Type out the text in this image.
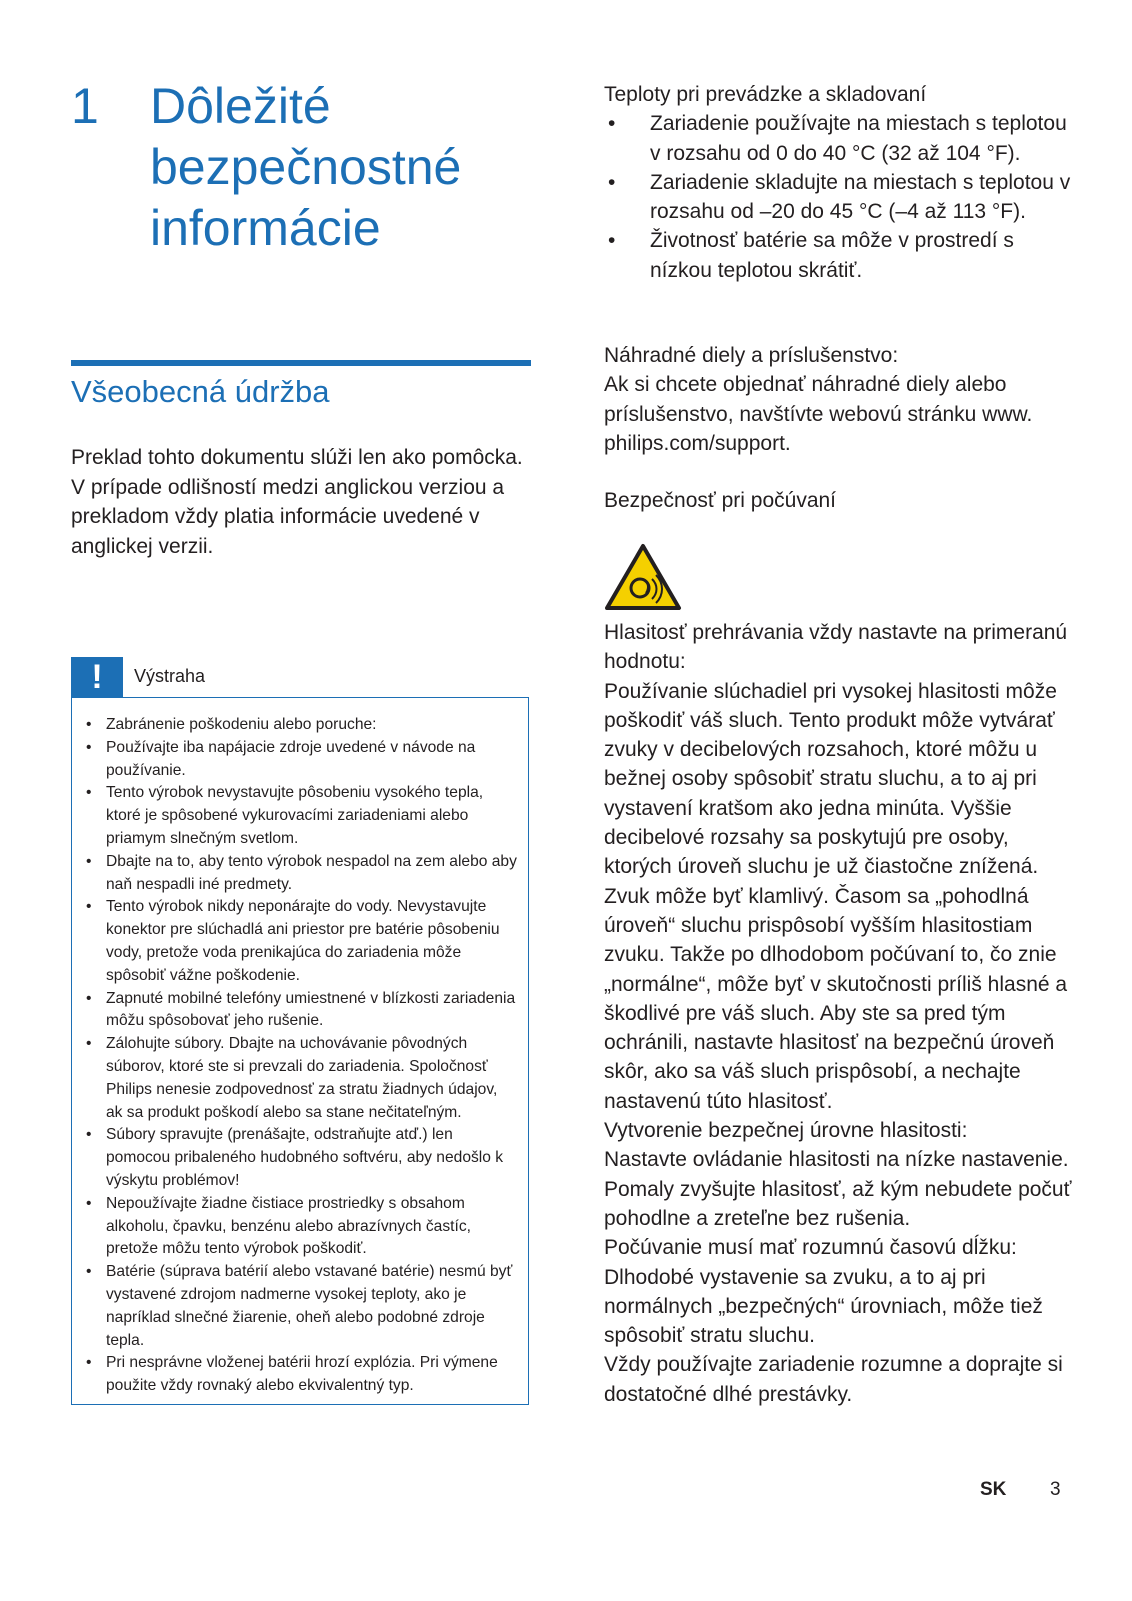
1 Dôležité bezpečnostné informácie
Všeobecná údržba

Preklad tohto dokumentu slúži len ako pomôcka.

V prípade odlišností medzi anglickou verziou a prekladom vždy platia informácie uvedené v anglickej verzii.

!	Výstraha
• Zabránenie poškodeniu alebo poruche:
• Používajte iba napájacie zdroje uvedené v návode na používanie.
• Tento výrobok nevystavujte pôsobeniu vysokého tepla, ktoré je spôsobené vykurovacími zariadeniami alebo priamym slnečným svetlom.
• Dbajte na to, aby tento výrobok nespadol na zem alebo aby naň nespadli iné predmety.
• Tento výrobok nikdy neponárajte do vody. Nevystavujte konektor pre slúchadlá ani priestor pre batérie pôsobeniu vody, pretože voda prenikajúca do zariadenia môže spôsobiť vážne poškodenie.
• Zapnuté mobilné telefóny umiestnené v blízkosti zariadenia môžu spôsobovať jeho rušenie.
• Zálohujte súbory. Dbajte na uchovávanie pôvodných súborov, ktoré ste si prevzali do zariadenia. Spoločnosť Philips nenesie zodpovednosť za stratu žiadnych údajov, ak sa produkt poškodí alebo sa stane nečitateľným.
• Súbory spravujte (prenášajte, odstraňujte atď.) len pomocou pribaleného hudobného softvéru, aby nedošlo k výskytu problémov!
• Nepoužívajte žiadne čistiace prostriedky s obsahom alkoholu, čpavku, benzénu alebo abrazívnych častíc, pretože môžu tento výrobok poškodiť.
• Batérie (súprava batérií alebo vstavané batérie) nesmú byť vystavené zdrojom nadmerne vysokej teploty, ako je napríklad slnečné žiarenie, oheň alebo podobné zdroje tepla.
• Pri nesprávne vloženej batérii hrozí explózia. Pri výmene použite vždy rovnaký alebo ekvivalentný typ.

Teploty pri prevádzke a skladovaní

• Zariadenie používajte na miestach s teplotou v rozsahu od 0 do 40 °C (32 až 104 °F).
• Zariadenie skladujte na miestach s teplotou v rozsahu od –20 do 45 °C (–4 až 113 °F).
• Životnosť batérie sa môže v prostredí s nízkou teplotou skrátiť.

Náhradné diely a príslušenstvo:

Ak si chcete objednať náhradné diely alebo príslušenstvo, navštívte webovú stránku www. philips.com/support.

Bezpečnosť pri počúvaní

Hlasitosť prehrávania vždy nastavte na primeranú hodnotu:

Používanie slúchadiel pri vysokej hlasitosti môže poškodiť váš sluch. Tento produkt môže vytvárať zvuky v decibelových rozsahoch, ktoré môžu u bežnej osoby spôsobiť stratu sluchu, a to aj pri vystavení kratšom ako jedna minúta. Vyššie decibelové rozsahy sa poskytujú pre osoby, ktorých úroveň sluchu je už čiastočne znížená.

Zvuk môže byť klamlivý. Časom sa „pohodlná úroveň“ sluchu prispôsobí vyšším hlasitostiam zvuku. Takže po dlhodobom počúvaní to, čo znie „normálne“, môže byť v skutočnosti príliš hlasné a škodlivé pre váš sluch. Aby ste sa pred tým ochránili, nastavte hlasitosť na bezpečnú úroveň skôr, ako sa váš sluch prispôsobí, a nechajte nastavenú túto hlasitosť.

Vytvorenie bezpečnej úrovne hlasitosti:

Nastavte ovládanie hlasitosti na nízke nastavenie.

Pomaly zvyšujte hlasitosť, až kým nebudete počuť pohodlne a zreteľne bez rušenia.

Počúvanie musí mať rozumnú časovú dĺžku:

Dlhodobé vystavenie sa zvuku, a to aj pri normálnych „bezpečných“ úrovniach, môže tiež spôsobiť stratu sluchu.

Vždy používajte zariadenie rozumne a doprajte si dostatočné dlhé prestávky.

SK 3
